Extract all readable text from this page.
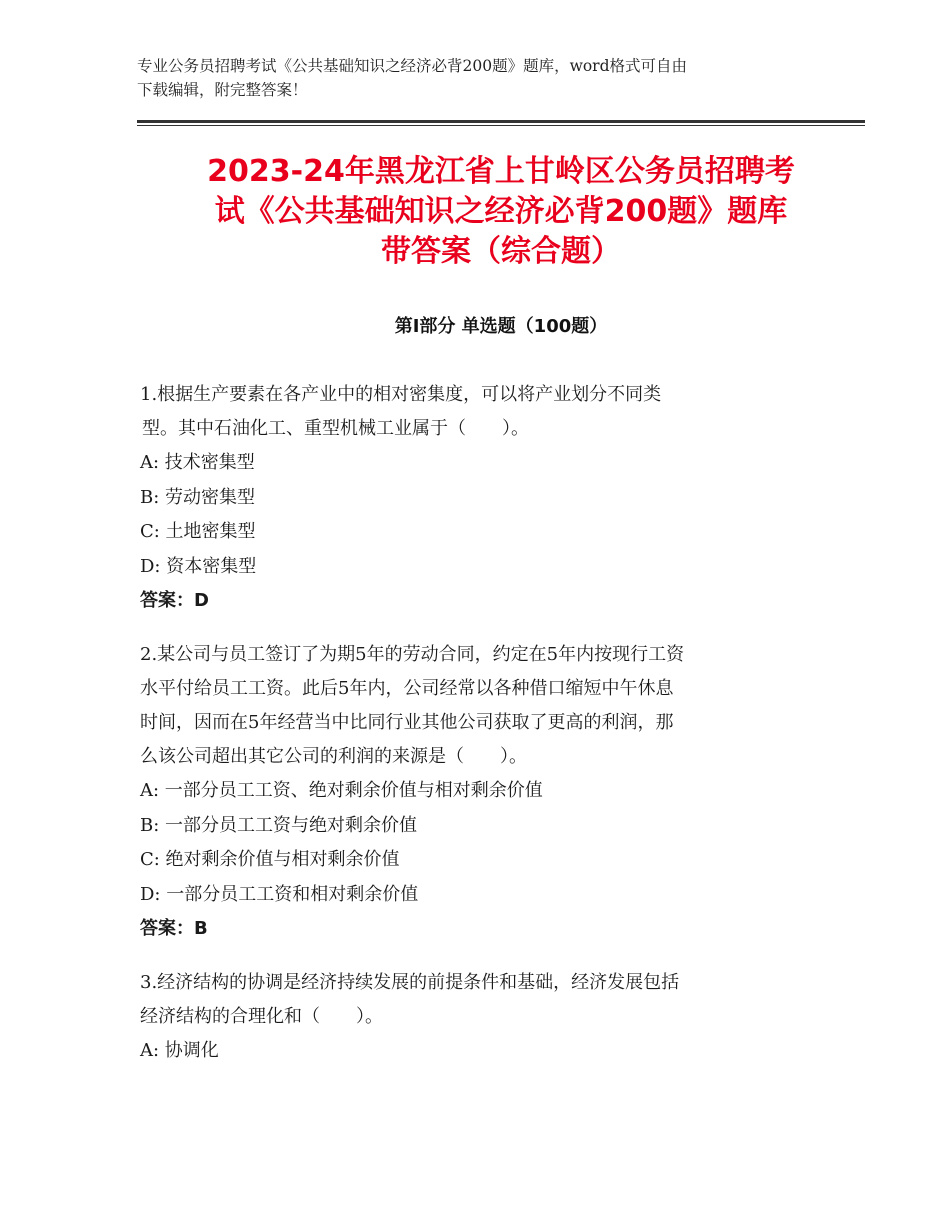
专业公务员招聘考试《公共基础知识之经济必背200题》题库，word格式可自由
下载编辑，附完整答案！
2023-24年黑龙江省上甘岭区公务员招聘考
试《公共基础知识之经济必背200题》题库
带答案（综合题）
第Ⅰ部分 单选题（100题）

1.根据生产要素在各产业中的相对密集度，可以将产业划分不同类
型。其中石油化工、重型机械工业属于（　　）。

A: 技术密集型

B: 劳动密集型

C: 土地密集型

D: 资本密集型

答案：D

2.某公司与员工签订了为期5年的劳动合同，约定在5年内按现行工资
水平付给员工工资。此后5年内，公司经常以各种借口缩短中午休息
时间，因而在5年经营当中比同行业其他公司获取了更高的利润，那
么该公司超出其它公司的利润的来源是（　　）。

A: 一部分员工工资、绝对剩余价值与相对剩余价值

B: 一部分员工工资与绝对剩余价值

C: 绝对剩余价值与相对剩余价值

D: 一部分员工工资和相对剩余价值

答案：B

3.经济结构的协调是经济持续发展的前提条件和基础，经济发展包括
经济结构的合理化和（　　）。

A: 协调化
